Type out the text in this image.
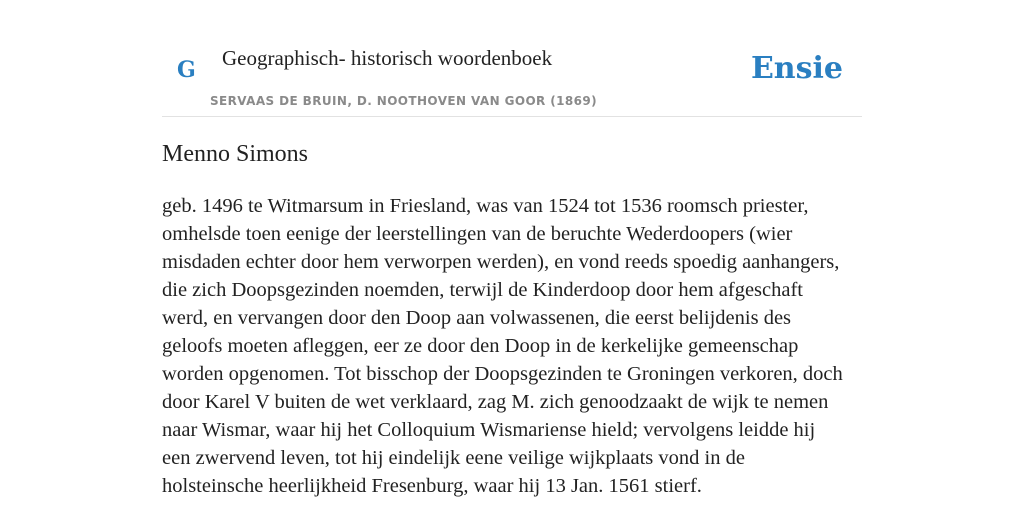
G Geographisch- historisch woordenboek
SERVAAS DE BRUIN, D. NOOTHOVEN VAN GOOR (1869)
Ensie
Menno Simons

geb. 1496 te Witmarsum in Friesland, was van 1524 tot 1536 roomsch priester,
omhelsde toen eenige der leerstellingen van de beruchte Wederdoopers (wier
misdaden echter door hem verworpen werden), en vond reeds spoedig aanhangers,
die zich Doopsgezinden noemden, terwijl de Kinderdoop door hem afgeschaft
werd, en vervangen door den Doop aan volwassenen, die eerst belijdenis des
geloofs moeten afleggen, eer ze door den Doop in de kerkelijke gemeenschap
worden opgenomen. Tot bisschop der Doopsgezinden te Groningen verkoren, doch
door Karel V buiten de wet verklaard, zag M. zich genoodzaakt de wijk te nemen
naar Wismar, waar hij het Colloquium Wismariense hield; vervolgens leidde hij
een zwervend leven, tot hij eindelijk eene veilige wijkplaats vond in de
holsteinsche heerlijkheid Fresenburg, waar hij 13 Jan. 1561 stierf.
